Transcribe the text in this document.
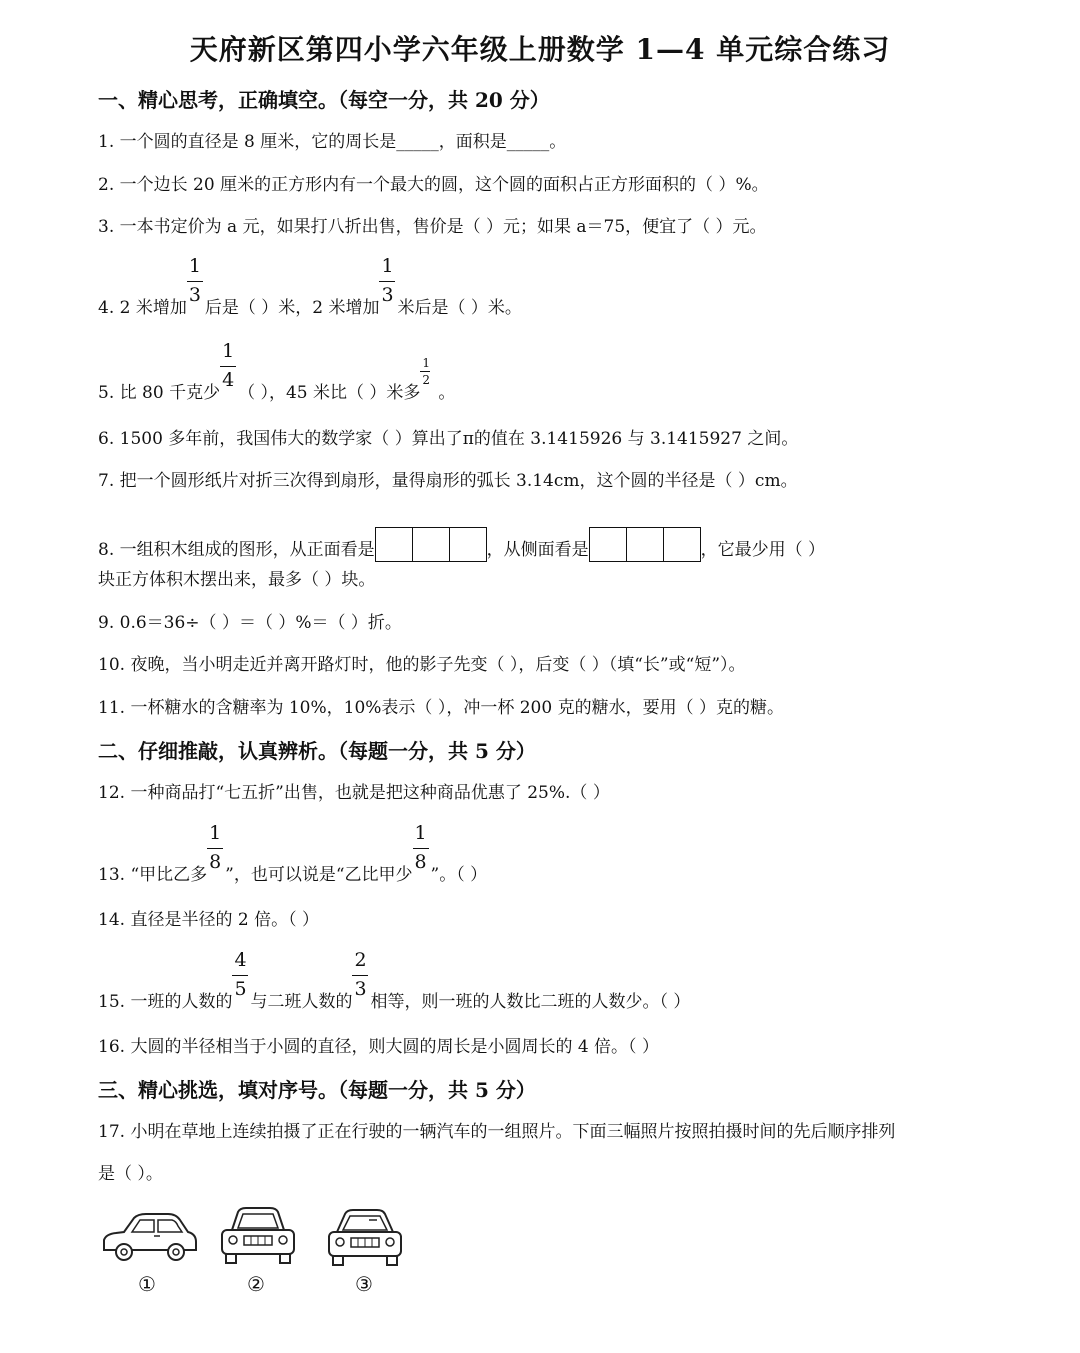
天府新区第四小学六年级上册数学 1—4 单元综合练习
一、精心思考，正确填空。（每空一分，共 20 分）
1. 一个圆的直径是 8 厘米，它的周长是_____，面积是_____。
2. 一个边长 20 厘米的正方形内有一个最大的圆，这个圆的面积占正方形面积的（ ）%。
3. 一本书定价为 a 元，如果打八折出售，售价是（ ）元；如果 a＝75，便宜了（ ）元。
4. 2 米增加 $\frac{1}{3}$ 后是（ ）米，2 米增加 $\frac{1}{3}$ 米后是（ ）米。
5. 比 80 千克少 $\frac{1}{4}$ （ ），45 米比（ ）米多 $\frac{1}{2}$ 。
6. 1500 多年前，我国伟大的数学家（ ）算出了π的值在 3.1415926 与 3.1415927 之间。
7. 把一个圆形纸片对折三次得到扇形，量得扇形的弧长 3.14cm，这个圆的半径是（ ）cm。
8. 一组积木组成的图形，从正面看是	，从侧面看是	，它最少用（ ）
块正方体积木摆出来，最多（ ）块。
9. 0.6＝36÷（ ）＝（ ）%＝（ ）折。
10. 夜晚，当小明走近并离开路灯时，他的影子先变（ ），后变（ ）（填“长”或“短”）。
11. 一杯糖水的含糖率为 10%，10%表示（ ），冲一杯 200 克的糖水，要用（ ）克的糖。
二、仔细推敲，认真辨析。（每题一分，共 5 分）
12. 一种商品打“七五折”出售，也就是把这种商品优惠了 25%.（ ）
13. “甲比乙多 $\frac{1}{8}$ ”，也可以说是“乙比甲少 $\frac{1}{8}$ ”。（ ）
14. 直径是半径的 2 倍。（ ）
15. 一班的人数的 $\frac{4}{5}$ 与二班人数的 $\frac{2}{3}$ 相等，则一班的人数比二班的人数少。（ ）
16. 大圆的半径相当于小圆的直径，则大圆的周长是小圆周长的 4 倍。（ ）
三、精心挑选，填对序号。（每题一分，共 5 分）
17. 小明在草地上连续拍摄了正在行驶的一辆汽车的一组照片。下面三幅照片按照拍摄时间的先后顺序排列
是（ ）。
①	②	③
